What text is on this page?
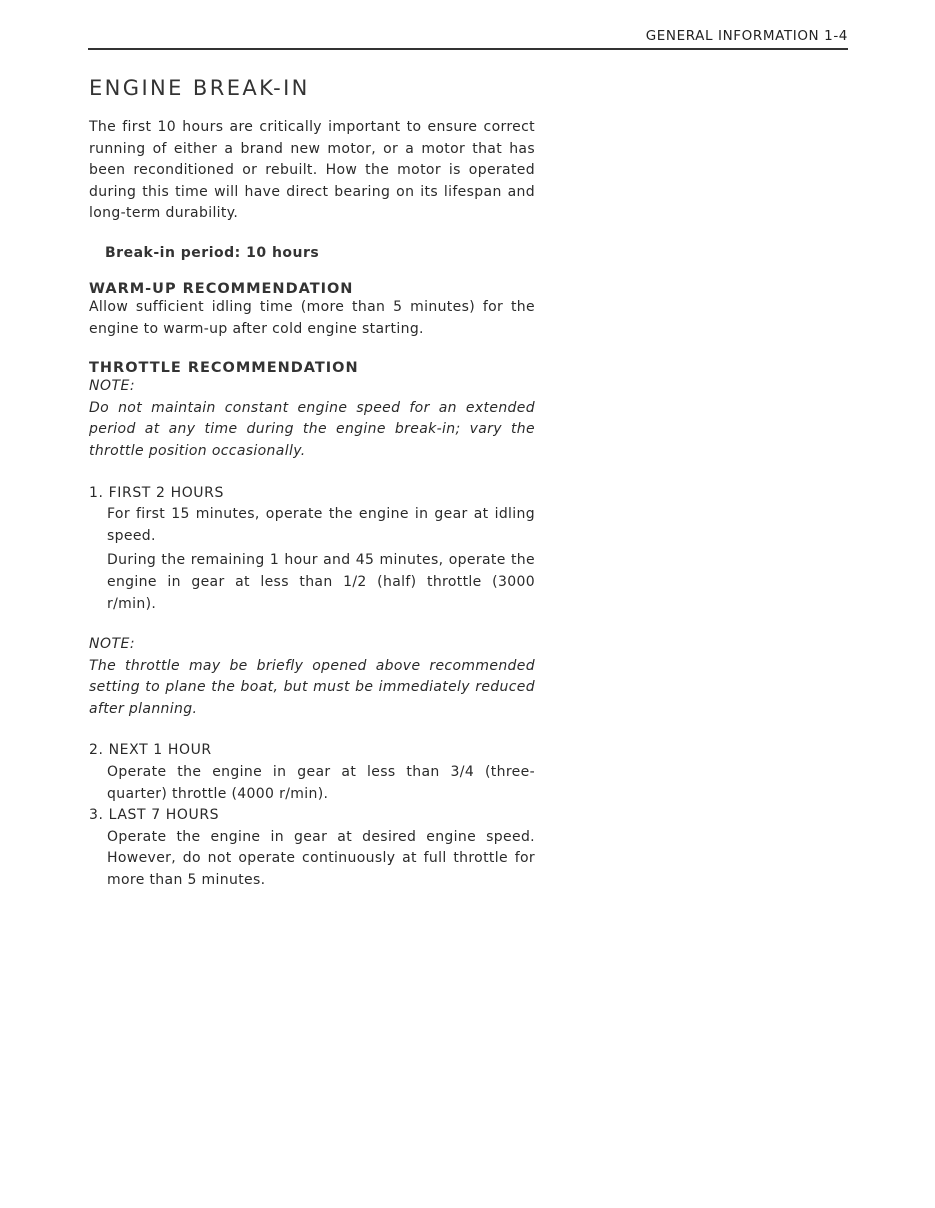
GENERAL INFORMATION 1-4
ENGINE BREAK-IN

The first 10 hours are critically important to ensure correct running of either a brand new motor, or a motor that has been reconditioned or rebuilt. How the motor is operated during this time will have direct bearing on its lifespan and long-term durability.

Break-in period: 10 hours

WARM-UP RECOMMENDATION

Allow sufficient idling time (more than 5 minutes) for the engine to warm-up after cold engine starting.

THROTTLE RECOMMENDATION

NOTE:

Do not maintain constant engine speed for an extended period at any time during the engine break-in; vary the throttle position occasionally.

1. FIRST 2 HOURS

For first 15 minutes, operate the engine in gear at idling speed.

During the remaining 1 hour and 45 minutes, operate the engine in gear at less than 1/2 (half) throttle (3000 r/min).

NOTE:

The throttle may be briefly opened above recommended setting to plane the boat, but must be immediately reduced after planning.

2. NEXT 1 HOUR

Operate the engine in gear at less than 3/4 (three-quarter) throttle (4000 r/min).

3. LAST 7 HOURS

Operate the engine in gear at desired engine speed. However, do not operate continuously at full throttle for more than 5 minutes.
